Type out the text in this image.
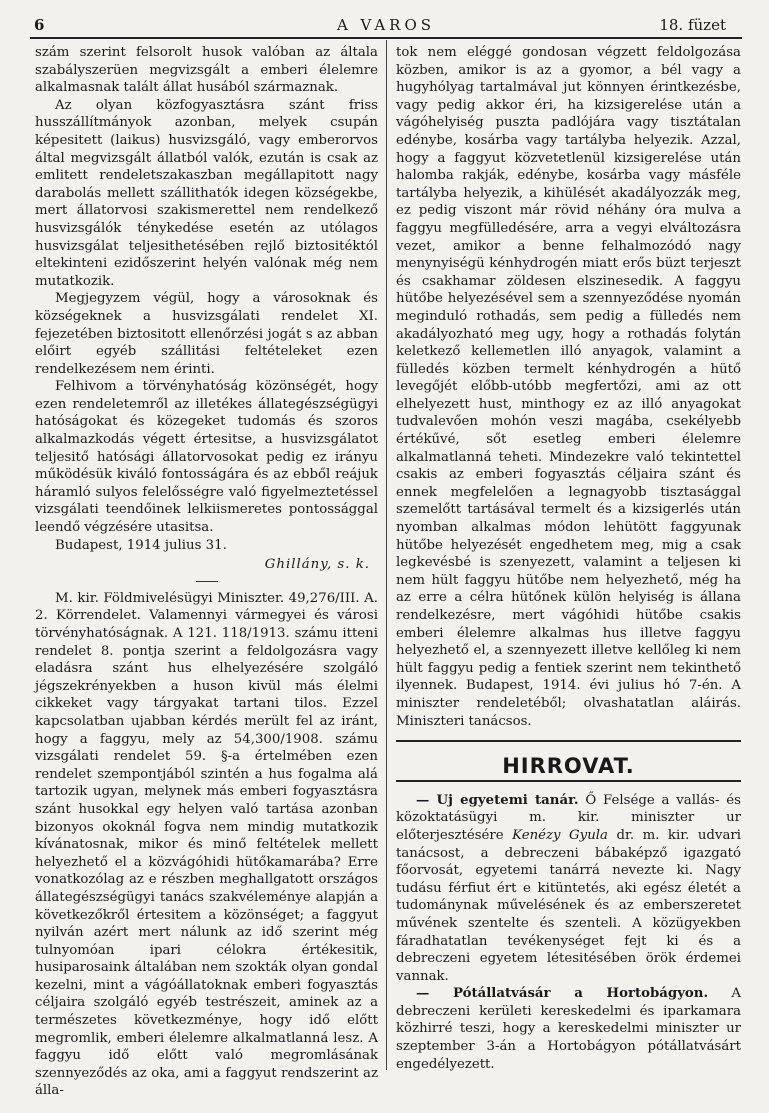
6	A VAROS	18. füzet

szám szerint felsorolt husok valóban az általa szabályszerüen megvizsgált a emberi élelemre alkalmasnak talált állat husából származnak.

Az olyan közfogyasztásra szánt friss husszállítmányok azonban, melyek csupán képesitett (laikus) husvizsgáló, vagy emberorvos által megvizsgált állatból valók, ezután is csak az emlitett rendeletszakaszban megállapitott nagy darabolás mellett szállithatók idegen községekbe, mert állatorvosi szakismerettel nem rendelkező husvizsgálók ténykedése esetén az utólagos husvizsgálat teljesithetésében rejlő biztositéktól eltekinteni ezidőszerint helyén valónak még nem mutatkozik.

Megjegyzem végül, hogy a városoknak és községeknek a husvizsgálati rendelet XI. fejezetében biztositott ellenőrzési jogát s az abban előirt egyéb szállitási feltételeket ezen rendelkezésem nem érinti.

Felhivom a törvényhatóság közönségét, hogy ezen rendeletemről az illetékes állategészségügyi hatóságokat és közegeket tudomás és szoros alkalmazkodás végett értesitse, a husvizsgálatot teljesitő hatósági állatorvosokat pedig ez irányu működésük kiváló fontosságára és az ebből reájuk háramló sulyos felelősségre való figyelmeztetéssel vizsgálati teendőinek lelkiismeretes pontossággal leendő végzésére utasitsa.

Budapest, 1914 julius 31.

Ghillány, s. k.

M. kir. Földmivelésügyi Miniszter. 49,276/III. A. 2. Körrendelet. Valamennyi vármegyei és városi törvényhatóságnak. A 121. 118/1913. számu itteni rendelet 8. pontja szerint a feldolgozásra vagy eladásra szánt hus elhelyezésére szolgáló jégszekrényekben a huson kivül más élelmi cikkeket vagy tárgyakat tartani tilos. Ezzel kapcsolatban ujabban kérdés merült fel az iránt, hogy a faggyu, mely az 54,300/1908. számu vizsgálati rendelet 59. §-a értelmében ezen rendelet szempontjából szintén a hus fogalma alá tartozik ugyan, melynek más emberi fogyasztásra szánt husokkal egy helyen való tartása azonban bizonyos okoknál fogva nem mindig mutatkozik kívánatosnak, mikor és minő feltételek mellett helyezhető el a közvágóhidi hütőkamarába? Erre vonatkozólag az e részben meghallgatott országos állategészségügyi tanács szakvéleménye alapján a következőkről értesitem a közönséget; a faggyut nyilván azért mert nálunk az idő szerint még tulnyomóan ipari célokra értékesitik, husiparosaink általában nem szokták olyan gondal kezelni, mint a vágóállatoknak emberi fogyasztás céljaira szolgáló egyéb testrészeit, aminek az a természetes következménye, hogy idő előtt megromlik, emberi élelemre alkalmatlanná lesz. A faggyu idő előtt való megromlásának szennyeződés az oka, ami a faggyut rendszerint az álla-

tok nem eléggé gondosan végzett feldolgozása közben, amikor is az a gyomor, a bél vagy a hugyhólyag tartalmával jut könnyen érintkezésbe, vagy pedig akkor éri, ha kizsigerelése után a vágóhelyiség puszta padlójára vagy tisztátalan edénybe, kosárba vagy tartályba helyezik. Azzal, hogy a faggyut közvetetlenül kizsigerelése után halomba rakják, edénybe, kosárba vagy másféle tartályba helyezik, a kihülését akadályozzák meg, ez pedig viszont már rövid néhány óra mulva a faggyu megfülledésére, arra a vegyi elváltozásra vezet, amikor a benne felhalmozódó nagy menynyiségü kénhydrogén miatt erős büzt terjeszt és csakhamar zöldesen elszinesedik. A faggyu hütőbe helyezésével sem a szennyeződése nyomán meginduló rothadás, sem pedig a fülledés nem akadályozható meg ugy, hogy a rothadás folytán keletkező kellemetlen illó anyagok, valamint a fülledés közben termelt kénhydrogén a hütő levegőjét előbb-utóbb megfertőzi, ami az ott elhelyezett hust, minthogy ez az illó anyagokat tudvalevően mohón veszi magába, csekélyebb értékűvé, sőt esetleg emberi élelemre alkalmatlanná teheti. Mindezekre való tekintettel csakis az emberi fogyasztás céljaira szánt és ennek megfelelően a legnagyobb tisztasággal szemelőtt tartásával termelt és a kizsigerlés után nyomban alkalmas módon lehütött faggyunak hütőbe helyezését engedhetem meg, mig a csak legkevésbé is szenyezett, valamint a teljesen ki nem hült faggyu hütőbe nem helyezhető, még ha az erre a célra hütőnek külön helyiség is állana rendelkezésre, mert vágóhidi hütőbe csakis emberi élelemre alkalmas hus illetve faggyu helyezhető el, a szennyezett illetve kellőleg ki nem hült faggyu pedig a fentiek szerint nem tekinthető ilyennek. Budapest, 1914. évi julius hó 7-én. A miniszter rendeletéből; olvashatatlan aláirás. Miniszteri tanácsos.

HIRROVAT.

— Uj egyetemi tanár. Ő Felsége a vallás- és közoktatásügyi m. kir. miniszter ur előterjesztésére Kenézy Gyula dr. m. kir. udvari tanácsost, a debreczeni bábaképző igazgató főorvosát, egyetemi tanárrá nevezte ki. Nagy tudásu férfiut ért e kitüntetés, aki egész életét a tudománynak művelésének és az emberszeretet művének szentelte és szenteli. A közügyekben fáradhatatlan tevékenységet fejt ki és a debreczeni egyetem létesitésében örök érdemei vannak.

— Pótállatvásár a Hortobágyon. A debreczeni kerületi kereskedelmi és iparkamara közhirré teszi, hogy a kereskedelmi miniszter ur szeptember 3-án a Hortobágyon pótállatvásárt engedélyezett.
